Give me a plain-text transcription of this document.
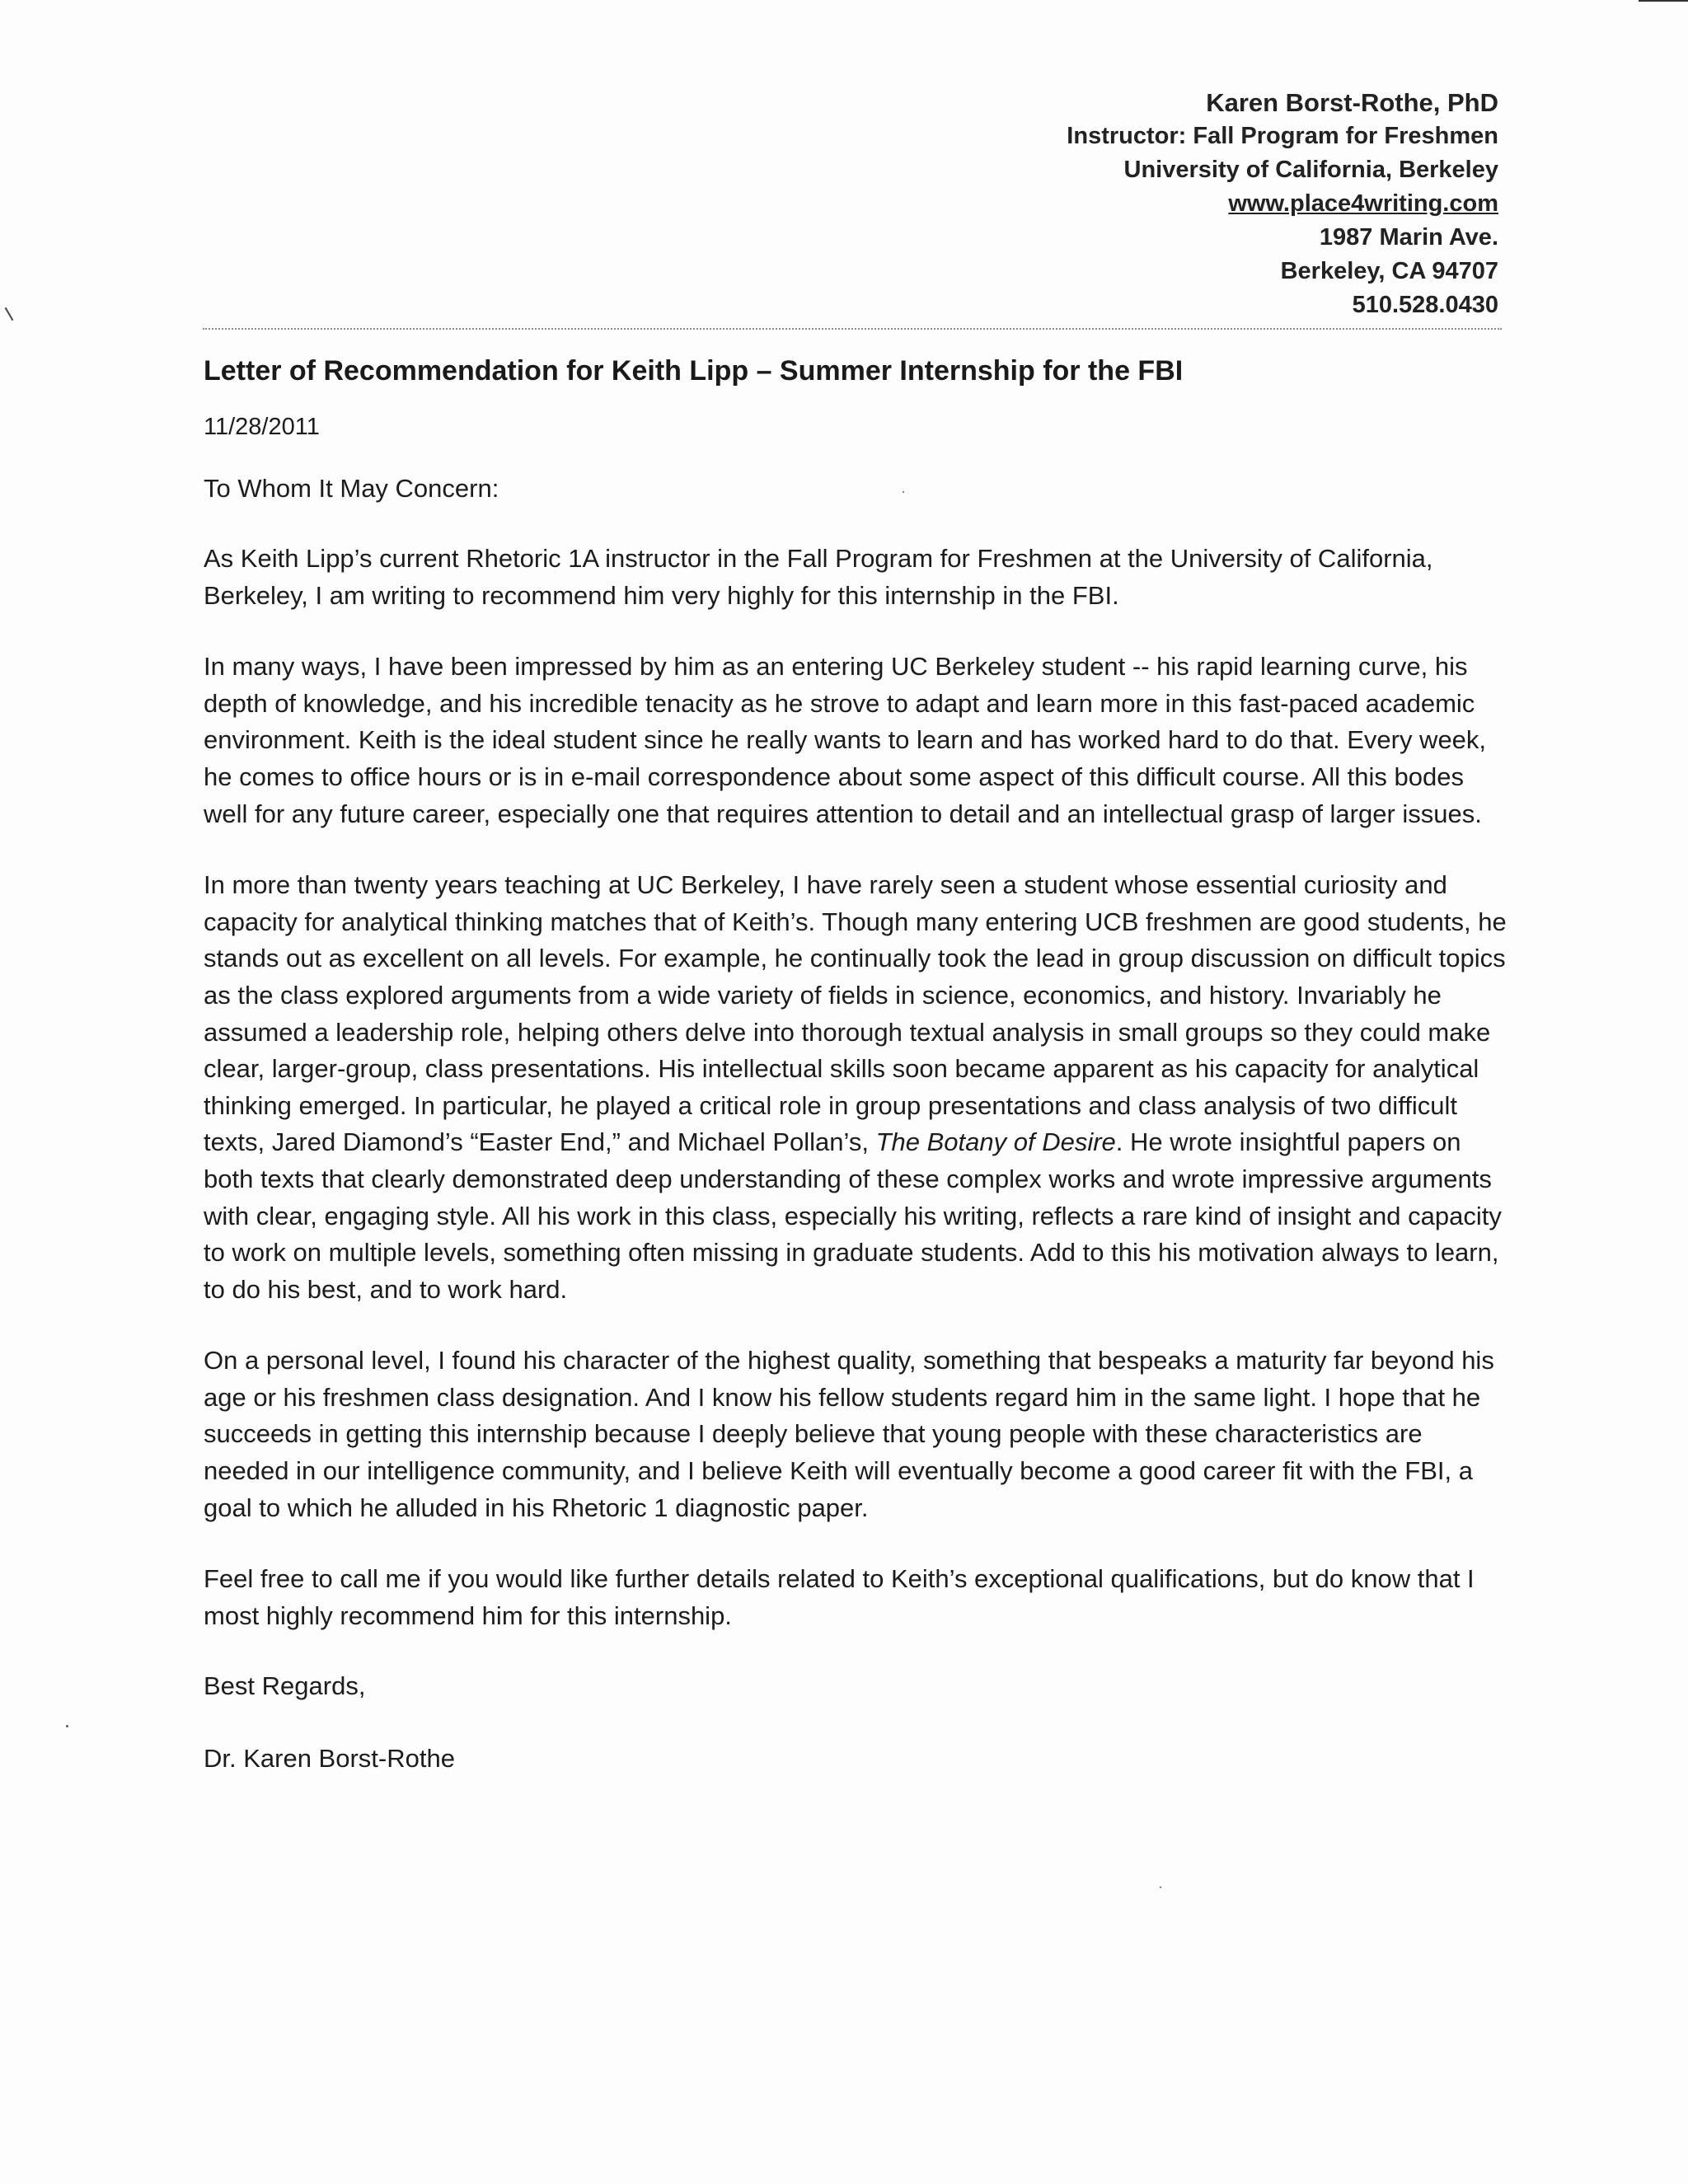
Karen Borst-Rothe, PhD
Instructor: Fall Program for Freshmen
University of California, Berkeley
www.place4writing.com
1987 Marin Ave.
Berkeley, CA 94707
510.528.0430

Letter of Recommendation for Keith Lipp – Summer Internship for the FBI

11/28/2011

To Whom It May Concern:

As Keith Lipp’s current Rhetoric 1A instructor in the Fall Program for Freshmen at the University of California, Berkeley, I am writing to recommend him very highly for this internship in the FBI.

In many ways, I have been impressed by him as an entering UC Berkeley student -- his rapid learning curve, his depth of knowledge, and his incredible tenacity as he strove to adapt and learn more in this fast-paced academic environment. Keith is the ideal student since he really wants to learn and has worked hard to do that. Every week, he comes to office hours or is in e-mail correspondence about some aspect of this difficult course. All this bodes well for any future career, especially one that requires attention to detail and an intellectual grasp of larger issues.

In more than twenty years teaching at UC Berkeley, I have rarely seen a student whose essential curiosity and capacity for analytical thinking matches that of Keith’s. Though many entering UCB freshmen are good students, he stands out as excellent on all levels. For example, he continually took the lead in group discussion on difficult topics as the class explored arguments from a wide variety of fields in science, economics, and history. Invariably he assumed a leadership role, helping others delve into thorough textual analysis in small groups so they could make clear, larger-group, class presentations. His intellectual skills soon became apparent as his capacity for analytical thinking emerged. In particular, he played a critical role in group presentations and class analysis of two difficult texts, Jared Diamond’s “Easter End,” and Michael Pollan’s, The Botany of Desire. He wrote insightful papers on both texts that clearly demonstrated deep understanding of these complex works and wrote impressive arguments with clear, engaging style. All his work in this class, especially his writing, reflects a rare kind of insight and capacity to work on multiple levels, something often missing in graduate students. Add to this his motivation always to learn, to do his best, and to work hard.

On a personal level, I found his character of the highest quality, something that bespeaks a maturity far beyond his age or his freshmen class designation. And I know his fellow students regard him in the same light. I hope that he succeeds in getting this internship because I deeply believe that young people with these characteristics are needed in our intelligence community, and I believe Keith will eventually become a good career fit with the FBI, a goal to which he alluded in his Rhetoric 1 diagnostic paper.

Feel free to call me if you would like further details related to Keith’s exceptional qualifications, but do know that I most highly recommend him for this internship.

Best Regards,

Dr. Karen Borst-Rothe
